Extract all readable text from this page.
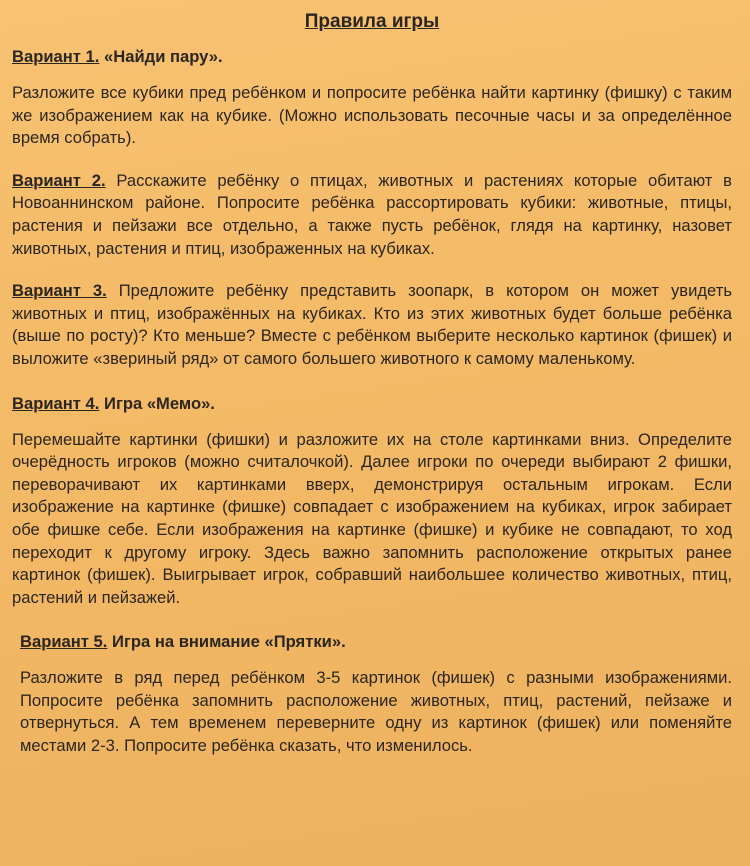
Правила игры
Вариант 1. «Найди пару».

Разложите все кубики пред ребёнком и попросите ребёнка найти картинку (фишку) с таким же изображением как на кубике. (Можно использовать песочные часы и за определённое время собрать).

Вариант 2. Расскажите ребёнку о птицах, животных и растениях которые обитают в Новоаннинском районе. Попросите ребёнка рассортировать кубики: животные, птицы, растения и пейзажи все отдельно, а также пусть ребёнок, глядя на картинку, назовет животных, растения и птиц, изображенных на кубиках.

Вариант 3. Предложите ребёнку представить зоопарк, в котором он может увидеть животных и птиц, изображённых на кубиках. Кто из этих животных будет больше ребёнка (выше по росту)? Кто меньше? Вместе с ребёнком выберите несколько картинок (фишек) и выложите «звериный ряд» от самого большего животного к самому маленькому.

Вариант 4. Игра «Мемо».

Перемешайте картинки (фишки) и разложите их на столе картинками вниз. Определите очерёдность игроков (можно считалочкой). Далее игроки по очереди выбирают 2 фишки, переворачивают их картинками вверх, демонстрируя остальным игрокам. Если изображение на картинке (фишке) совпадает с изображением на кубиках, игрок забирает обе фишке себе. Если изображения на картинке (фишке) и кубике не совпадают, то ход переходит к другому игроку. Здесь важно запомнить расположение открытых ранее картинок (фишек). Выигрывает игрок, собравший наибольшее количество животных, птиц, растений и пейзажей.

Вариант 5. Игра на внимание «Прятки».

Разложите в ряд перед ребёнком 3-5 картинок (фишек) с разными изображениями. Попросите ребёнка запомнить расположение животных, птиц, растений, пейзаже и отвернуться. А тем временем переверните одну из картинок (фишек) или поменяйте местами 2-3. Попросите ребёнка сказать, что изменилось.
